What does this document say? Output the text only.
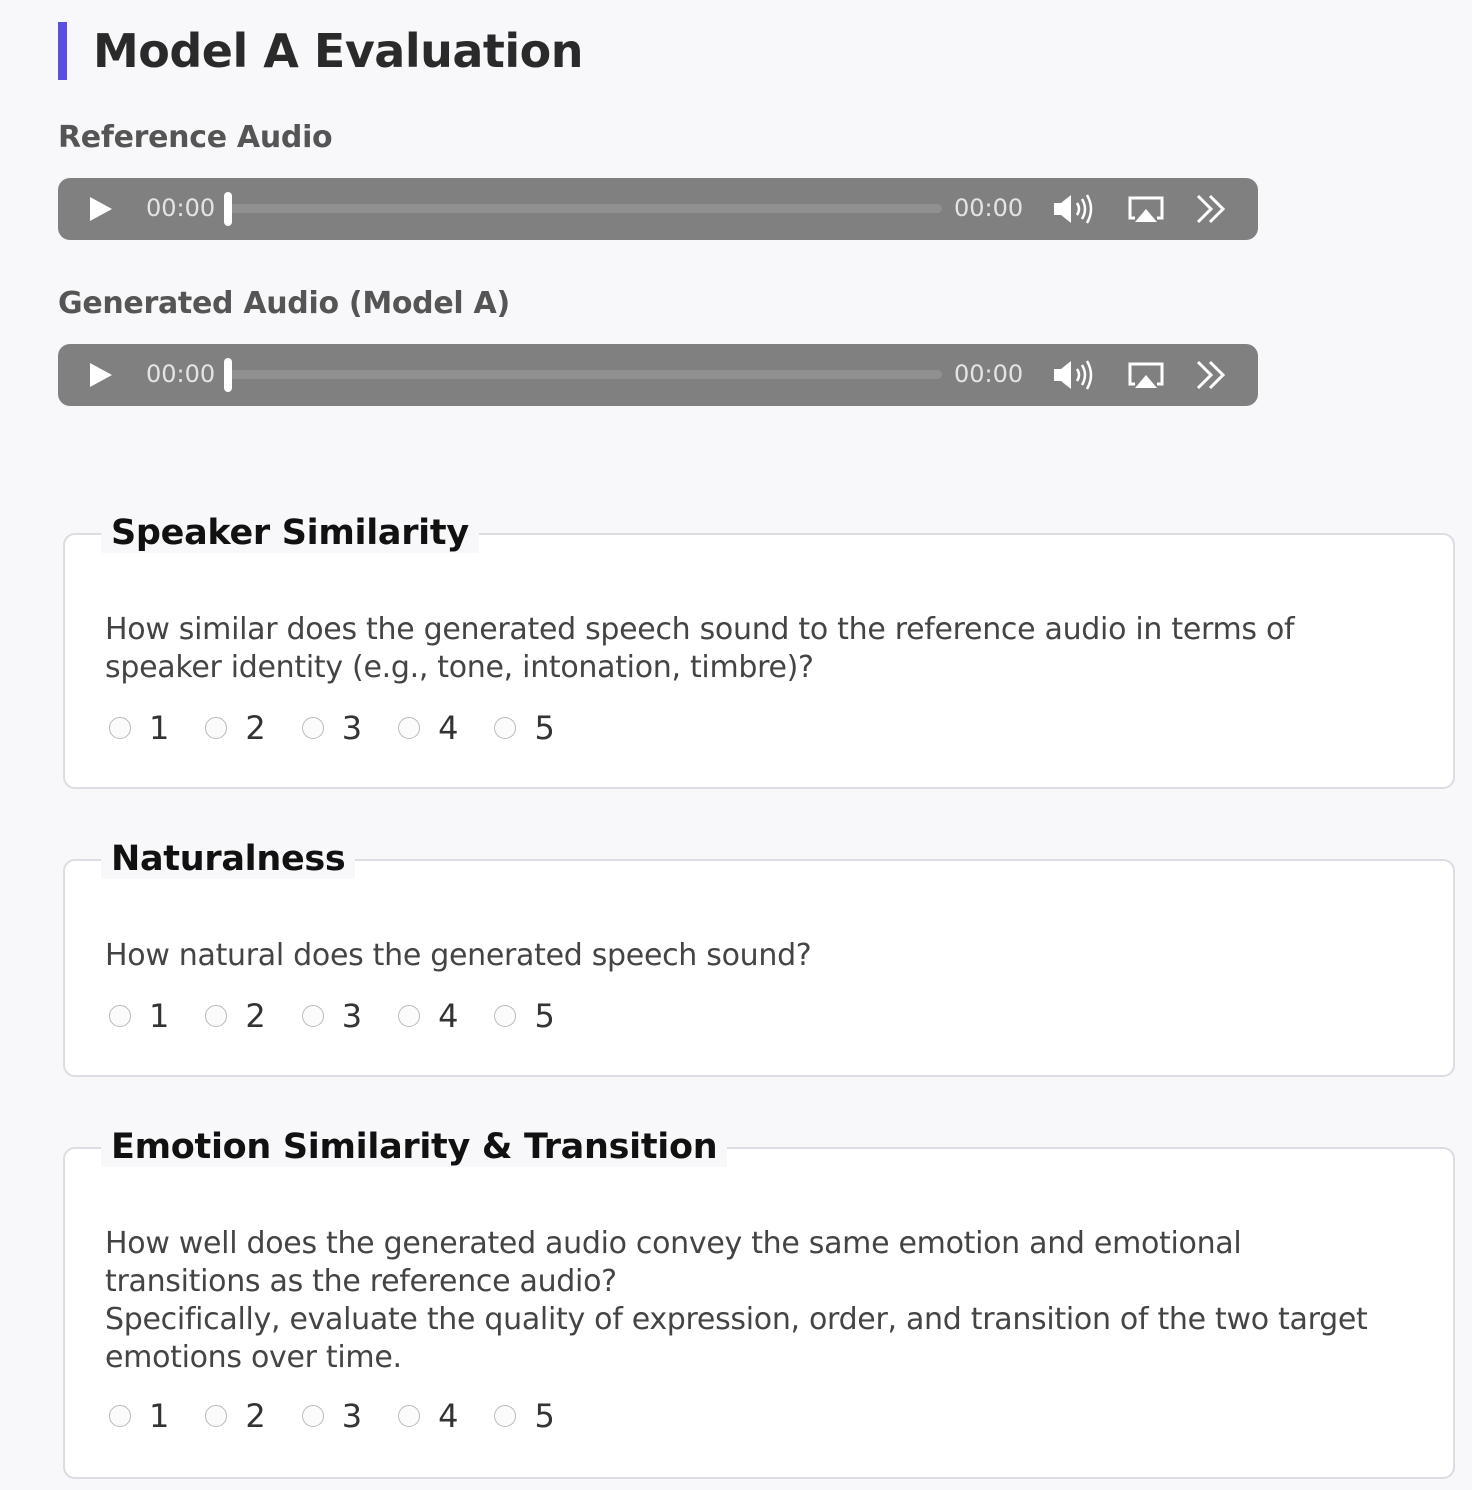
Model A Evaluation
Reference Audio
00:00	00:00
Generated Audio (Model A)
00:00	00:00
Speaker Similarity

How similar does the generated speech sound to the reference audio in terms of speaker identity (e.g., tone, intonation, timbre)?

1 2 3 4 5
Naturalness

How natural does the generated speech sound?

1 2 3 4 5
Emotion Similarity & Transition

How well does the generated audio convey the same emotion and emotional transitions as the reference audio?

Specifically, evaluate the quality of expression, order, and transition of the two target emotions over time.

1 2 3 4 5
